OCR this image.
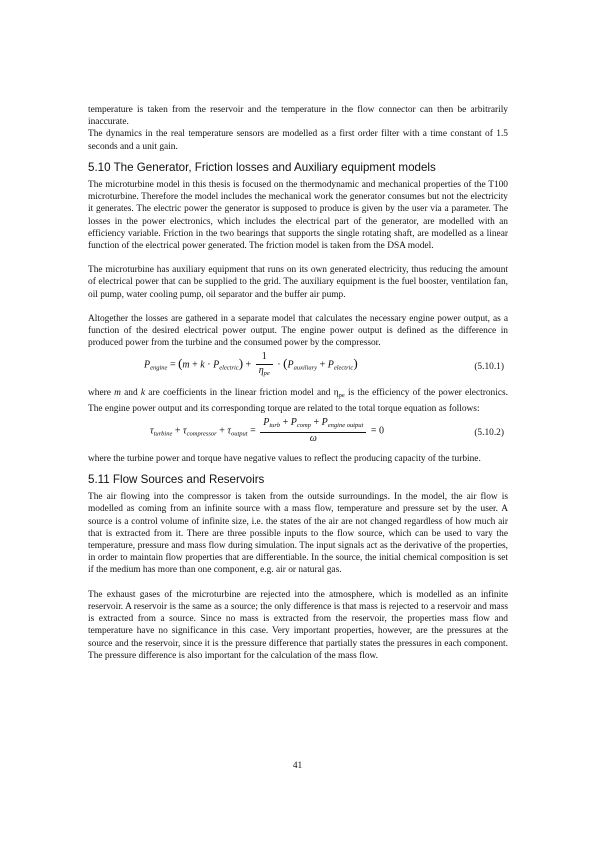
temperature is taken from the reservoir and the temperature in the flow connector can then be arbitrarily inaccurate.

The dynamics in the real temperature sensors are modelled as a first order filter with a time constant of 1.5 seconds and a unit gain.

5.10 The Generator, Friction losses and Auxiliary equipment models

The microturbine model in this thesis is focused on the thermodynamic and mechanical properties of the T100 microturbine. Therefore the model includes the mechanical work the generator consumes but not the electricity it generates. The electric power the generator is supposed to produce is given by the user via a parameter. The losses in the power electronics, which includes the electrical part of the generator, are modelled with an efficiency variable. Friction in the two bearings that supports the single rotating shaft, are modelled as a linear function of the electrical power generated. The friction model is taken from the DSA model.

The microturbine has auxiliary equipment that runs on its own generated electricity, thus reducing the amount of electrical power that can be supplied to the grid. The auxiliary equipment is the fuel booster, ventilation fan, oil pump, water cooling pump, oil separator and the buffer air pump.

Altogether the losses are gathered in a separate model that calculates the necessary engine power output, as a function of the desired electrical power output. The engine power output is defined as the difference in produced power from the turbine and the consumed power by the compressor.

$P_{engine} = (m + k \cdot P_{electric}) + \frac{1}{\eta_{pe}} \cdot (P_{auxiliary} + P_{electric})$	(5.10.1)

where m and k are coefficients in the linear friction model and $\eta_{pe}$ is the efficiency of the power electronics. The engine power output and its corresponding torque are related to the total torque equation as follows:

$\tau_{turbine} + \tau_{compressor} + \tau_{output} = \frac{P_{turb} + P_{comp} + P_{engine output}}{\omega} = 0$	(5.10.2)

where the turbine power and torque have negative values to reflect the producing capacity of the turbine.

5.11 Flow Sources and Reservoirs

The air flowing into the compressor is taken from the outside surroundings. In the model, the air flow is modelled as coming from an infinite source with a mass flow, temperature and pressure set by the user. A source is a control volume of infinite size, i.e. the states of the air are not changed regardless of how much air that is extracted from it. There are three possible inputs to the flow source, which can be used to vary the temperature, pressure and mass flow during simulation. The input signals act as the derivative of the properties, in order to maintain flow properties that are differentiable. In the source, the initial chemical composition is set if the medium has more than one component, e.g. air or natural gas.

The exhaust gases of the microturbine are rejected into the atmosphere, which is modelled as an infinite reservoir. A reservoir is the same as a source; the only difference is that mass is rejected to a reservoir and mass is extracted from a source. Since no mass is extracted from the reservoir, the properties mass flow and temperature have no significance in this case. Very important properties, however, are the pressures at the source and the reservoir, since it is the pressure difference that partially states the pressures in each component. The pressure difference is also important for the calculation of the mass flow.

41
